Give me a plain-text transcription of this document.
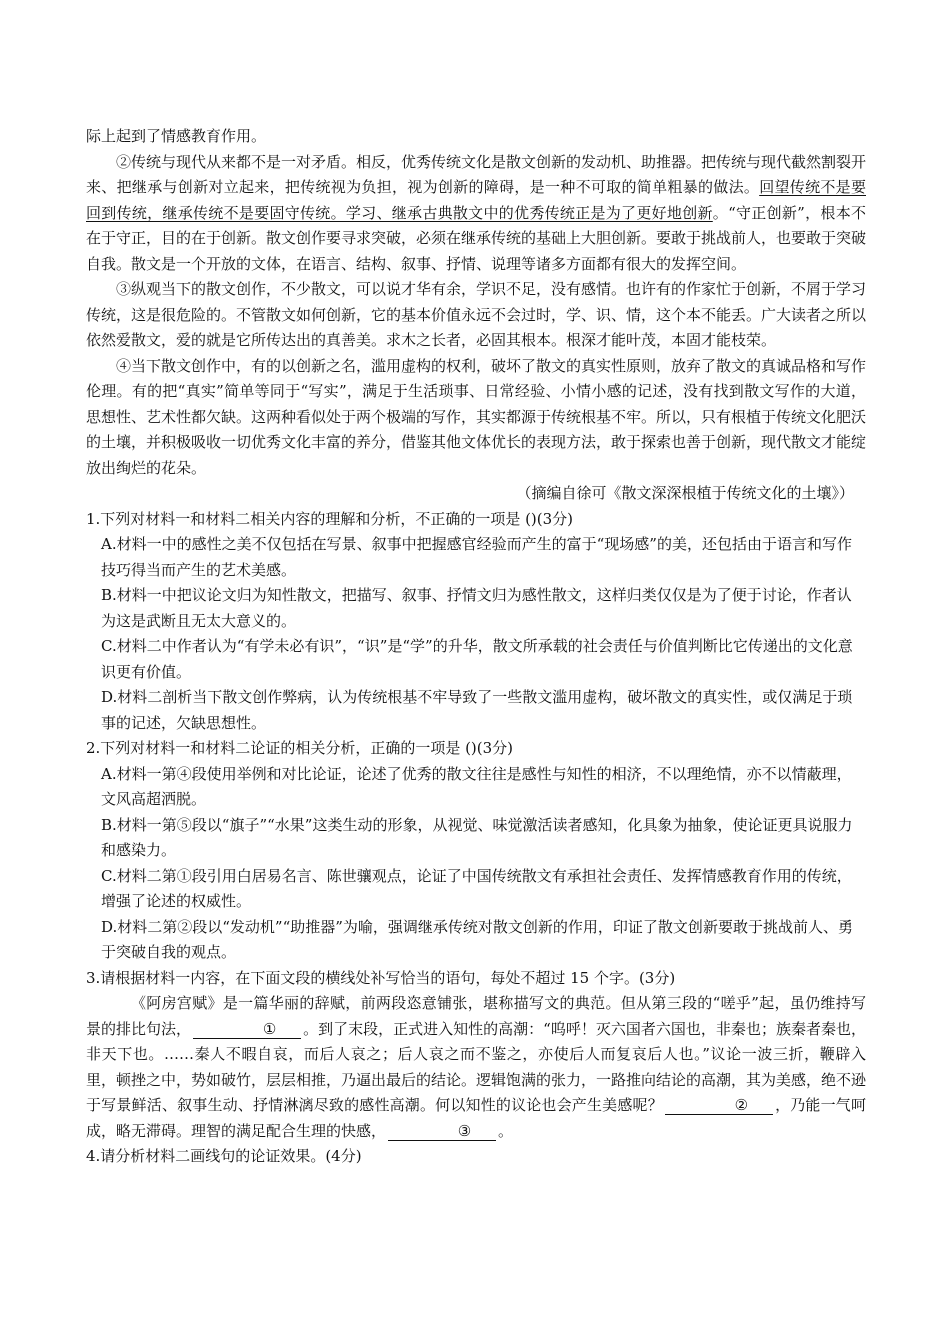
际上起到了情感教育作用。

②传统与现代从来都不是一对矛盾。相反，优秀传统文化是散文创新的发动机、助推器。把传统与现代截然割裂开来、把继承与创新对立起来，把传统视为负担，视为创新的障碍，是一种不可取的简单粗暴的做法。回望传统不是要回到传统，继承传统不是要固守传统。学习、继承古典散文中的优秀传统正是为了更好地创新。“守正创新”，根本不在于守正，目的在于创新。散文创作要寻求突破，必须在继承传统的基础上大胆创新。要敢于挑战前人，也要敢于突破自我。散文是一个开放的文体，在语言、结构、叙事、抒情、说理等诸多方面都有很大的发挥空间。

③纵观当下的散文创作，不少散文，可以说才华有余，学识不足，没有感情。也许有的作家忙于创新，不屑于学习传统，这是很危险的。不管散文如何创新，它的基本价值永远不会过时，学、识、情，这个本不能丢。广大读者之所以依然爱散文，爱的就是它所传达出的真善美。求木之长者，必固其根本。根深才能叶茂，本固才能枝荣。

④当下散文创作中，有的以创新之名，滥用虚构的权利，破坏了散文的真实性原则，放弃了散文的真诚品格和写作伦理。有的把“真实”简单等同于“写实”，满足于生活琐事、日常经验、小情小感的记述，没有找到散文写作的大道，思想性、艺术性都欠缺。这两种看似处于两个极端的写作，其实都源于传统根基不牢。所以，只有根植于传统文化肥沃的土壤，并积极吸收一切优秀文化丰富的养分，借鉴其他文体优长的表现方法，敢于探索也善于创新，现代散文才能绽放出绚烂的花朵。

（摘编自徐可《散文深深根植于传统文化的土壤》）

1.下列对材料一和材料二相关内容的理解和分析，不正确的一项是 ()(3分)

A.材料一中的感性之美不仅包括在写景、叙事中把握感官经验而产生的富于“现场感”的美，还包括由于语言和写作技巧得当而产生的艺术美感。

B.材料一中把议论文归为知性散文，把描写、叙事、抒情文归为感性散文，这样归类仅仅是为了便于讨论，作者认为这是武断且无太大意义的。

C.材料二中作者认为“有学未必有识”，“识”是“学”的升华，散文所承载的社会责任与价值判断比它传递出的文化意识更有价值。

D.材料二剖析当下散文创作弊病，认为传统根基不牢导致了一些散文滥用虚构，破坏散文的真实性，或仅满足于琐事的记述，欠缺思想性。

2.下列对材料一和材料二论证的相关分析，正确的一项是 ()(3分)

A.材料一第④段使用举例和对比论证，论述了优秀的散文往往是感性与知性的相济，不以理绝情，亦不以情蔽理，文风高超洒脱。

B.材料一第⑤段以“旗子”“水果”这类生动的形象，从视觉、味觉激活读者感知，化具象为抽象，使论证更具说服力和感染力。

C.材料二第①段引用白居易名言、陈世骧观点，论证了中国传统散文有承担社会责任、发挥情感教育作用的传统，增强了论述的权威性。

D.材料二第②段以“发动机”“助推器”为喻，强调继承传统对散文创新的作用，印证了散文创新要敢于挑战前人、勇于突破自我的观点。

3.请根据材料一内容，在下面文段的横线处补写恰当的语句，每处不超过 15 个字。(3分)

《阿房宫赋》是一篇华丽的辞赋，前两段恣意铺张，堪称描写文的典范。但从第三段的“嗟乎”起，虽仍维持写景的排比句法，	① 。到了末段，正式进入知性的高潮：“呜呼！灭六国者六国也，非秦也；族秦者秦也，非天下也。……秦人不暇自哀，而后人哀之；后人哀之而不鉴之，亦使后人而复哀后人也。”议论一波三折，鞭辟入里，顿挫之中，势如破竹，层层相推，乃逼出最后的结论。逻辑饱满的张力，一路推向结论的高潮，其为美感，绝不逊于写景鲜活、叙事生动、抒情淋漓尽致的感性高潮。何以知性的议论也会产生美感呢？	② ，乃能一气呵成，略无滞碍。理智的满足配合生理的快感，	③ 。

4.请分析材料二画线句的论证效果。(4分)
